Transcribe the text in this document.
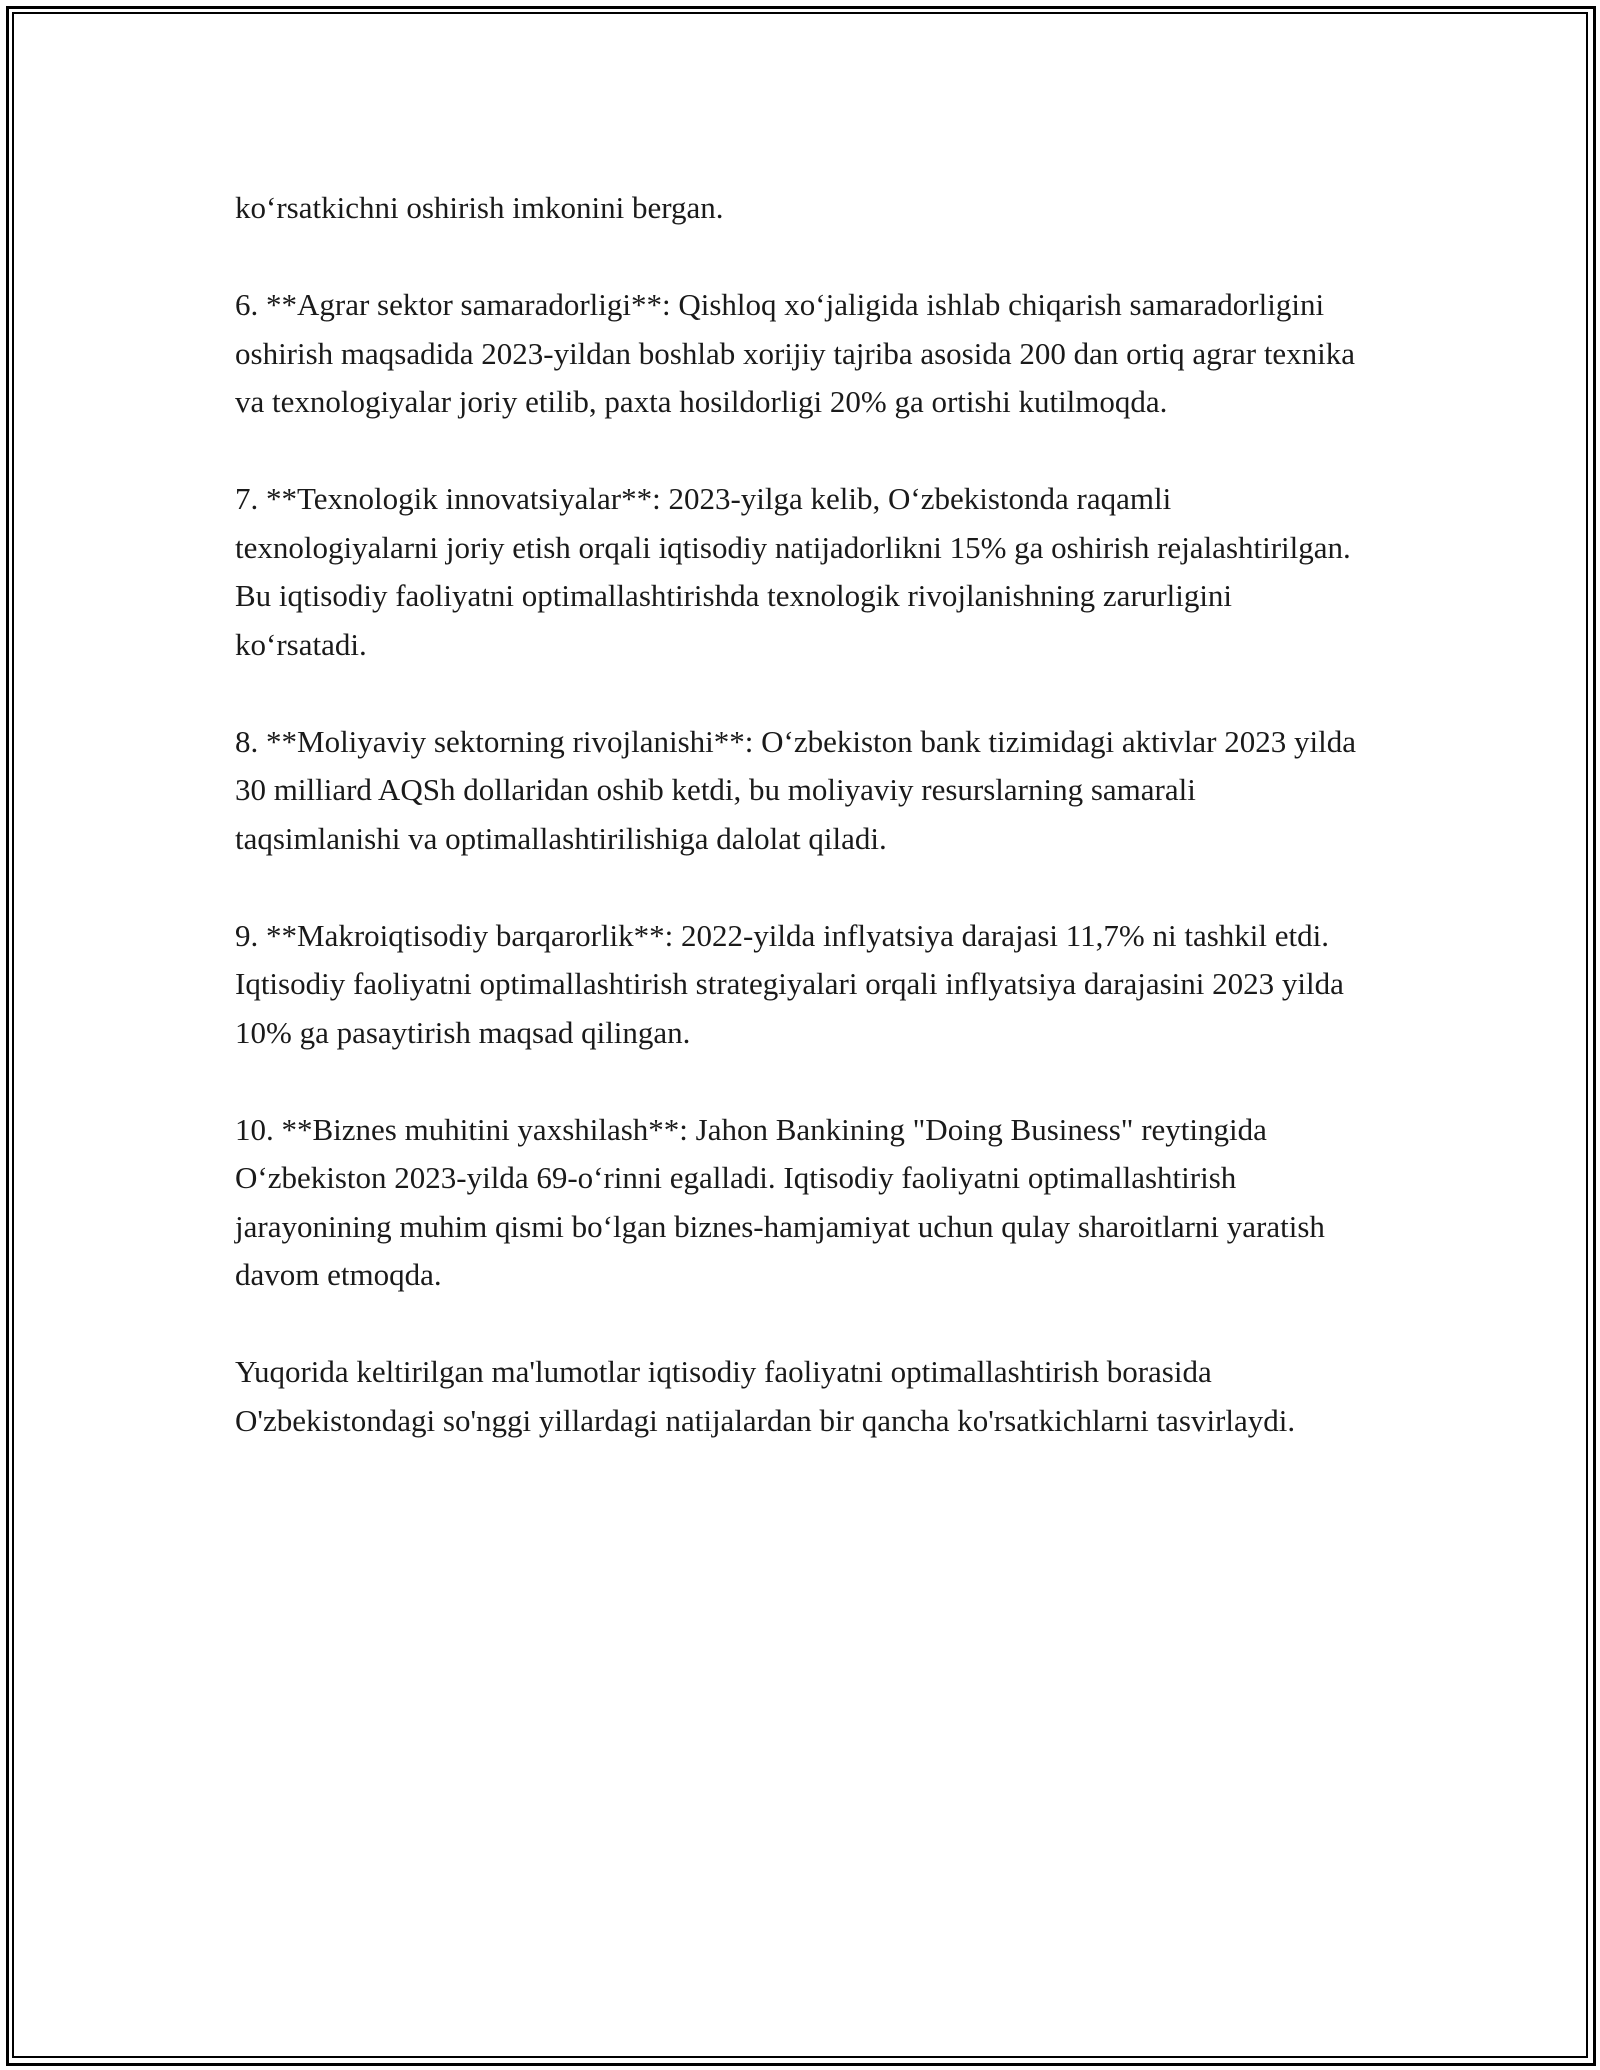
ko‘rsatkichni oshirish imkonini bergan.

6. **Agrar sektor samaradorligi**: Qishloq xo‘jaligida ishlab chiqarish samaradorligini oshirish maqsadida 2023-yildan boshlab xorijiy tajriba asosida 200 dan ortiq agrar texnika va texnologiyalar joriy etilib, paxta hosildorligi 20% ga ortishi kutilmoqda.

7. **Texnologik innovatsiyalar**: 2023-yilga kelib, O‘zbekistonda raqamli texnologiyalarni joriy etish orqali iqtisodiy natijadorlikni 15% ga oshirish rejalashtirilgan. Bu iqtisodiy faoliyatni optimallashtirishda texnologik rivojlanishning zarurligini ko‘rsatadi.

8. **Moliyaviy sektorning rivojlanishi**: O‘zbekiston bank tizimidagi aktivlar 2023 yilda 30 milliard AQSh dollaridan oshib ketdi, bu moliyaviy resurslarning samarali taqsimlanishi va optimallashtirilishiga dalolat qiladi.

9. **Makroiqtisodiy barqarorlik**: 2022-yilda inflyatsiya darajasi 11,7% ni tashkil etdi. Iqtisodiy faoliyatni optimallashtirish strategiyalari orqali inflyatsiya darajasini 2023 yilda 10% ga pasaytirish maqsad qilingan.

10. **Biznes muhitini yaxshilash**: Jahon Bankining "Doing Business" reytingida O‘zbekiston 2023-yilda 69-o‘rinni egalladi. Iqtisodiy faoliyatni optimallashtirish jarayonining muhim qismi bo‘lgan biznes-hamjamiyat uchun qulay sharoitlarni yaratish davom etmoqda.

Yuqorida keltirilgan ma'lumotlar iqtisodiy faoliyatni optimallashtirish borasida O'zbekistondagi so'nggi yillardagi natijalardan bir qancha ko'rsatkichlarni tasvirlaydi.
